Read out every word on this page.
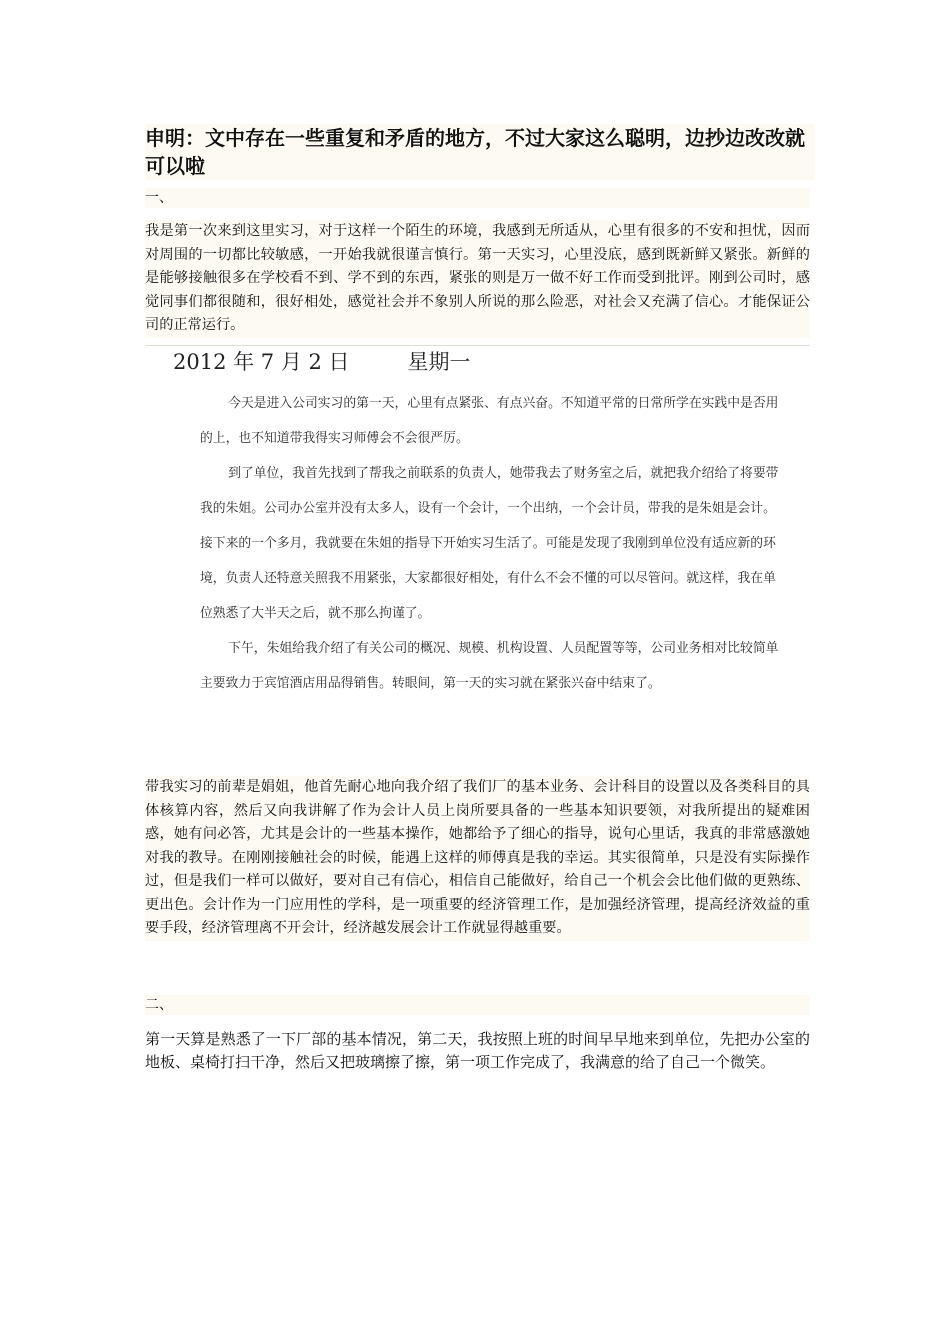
申明：文中存在一些重复和矛盾的地方，不过大家这么聪明，边抄边改改就可以啦
一、
我是第一次来到这里实习，对于这样一个陌生的环境，我感到无所适从，心里有很多的不安和担忧，因而对周围的一切都比较敏感，一开始我就很谨言慎行。第一天实习，心里没底，感到既新鲜又紧张。新鲜的是能够接触很多在学校看不到、学不到的东西，紧张的则是万一做不好工作而受到批评。刚到公司时，感觉同事们都很随和，很好相处，感觉社会并不象别人所说的那么险恶，对社会又充满了信心。才能保证公司的正常运行。
2012 年 7 月 2 日	星期一

今天是进入公司实习的第一天，心里有点紧张、有点兴奋。不知道平常的日常所学在实践中是否用的上，也不知道带我得实习师傅会不会很严厉。

到了单位，我首先找到了帮我之前联系的负责人，她带我去了财务室之后，就把我介绍给了将要带我的朱姐。公司办公室并没有太多人，设有一个会计，一个出纳，一个会计员，带我的是朱姐是会计。接下来的一个多月，我就要在朱姐的指导下开始实习生活了。可能是发现了我刚到单位没有适应新的环境，负责人还特意关照我不用紧张，大家都很好相处，有什么不会不懂的可以尽管问。就这样，我在单位熟悉了大半天之后，就不那么拘谨了。

下午，朱姐给我介绍了有关公司的概况、规模、机构设置、人员配置等等，公司业务相对比较简单主要致力于宾馆酒店用品得销售。转眼间，第一天的实习就在紧张兴奋中结束了。

带我实习的前辈是娟姐，他首先耐心地向我介绍了我们厂的基本业务、会计科目的设置以及各类科目的具体核算内容，然后又向我讲解了作为会计人员上岗所要具备的一些基本知识要领，对我所提出的疑难困惑，她有问必答，尤其是会计的一些基本操作，她都给予了细心的指导，说句心里话，我真的非常感激她对我的教导。在刚刚接触社会的时候，能遇上这样的师傅真是我的幸运。其实很简单，只是没有实际操作过，但是我们一样可以做好，要对自己有信心，相信自己能做好，给自己一个机会会比他们做的更熟练、更出色。会计作为一门应用性的学科，是一项重要的经济管理工作，是加强经济管理，提高经济效益的重要手段，经济管理离不开会计，经济越发展会计工作就显得越重要。
二、
第一天算是熟悉了一下厂部的基本情况，第二天，我按照上班的时间早早地来到单位，先把办公室的地板、桌椅打扫干净，然后又把玻璃擦了擦，第一项工作完成了，我满意的给了自己一个微笑。
